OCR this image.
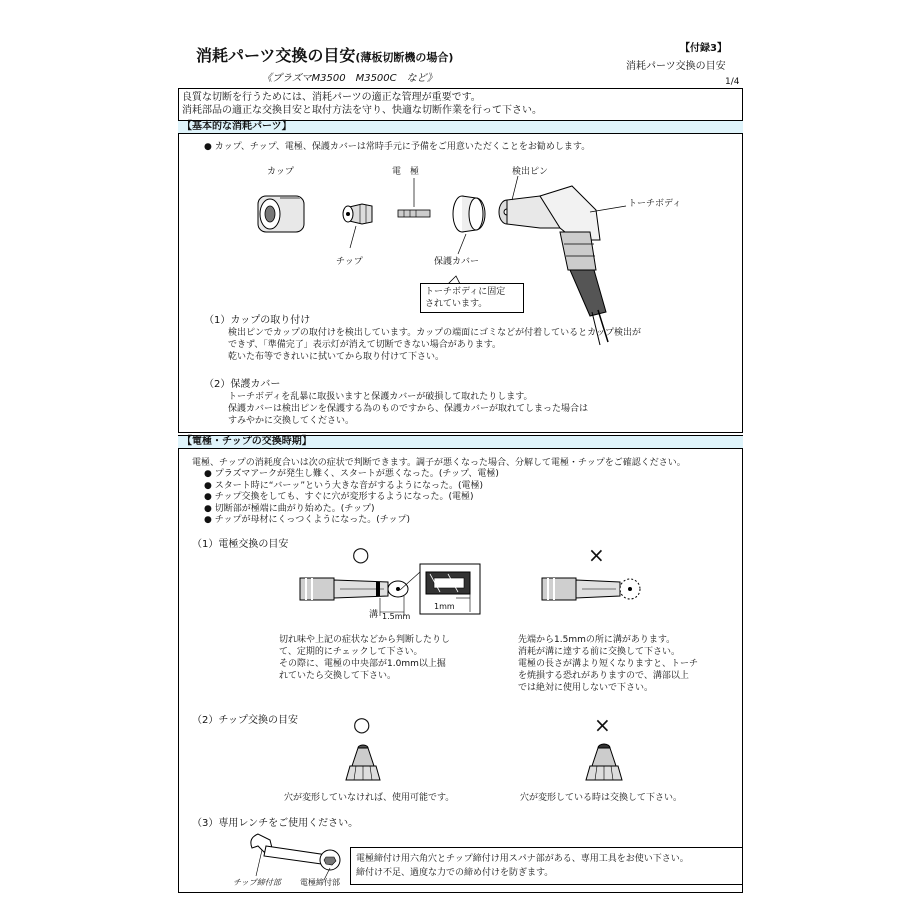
消耗パーツ交換の目安(薄板切断機の場合)
《プラズマM3500　M3500C　など》
【付録3】
消耗パーツ交換の目安
1/4
良質な切断を行うためには、消耗パーツの適正な管理が重要です。
消耗部品の適正な交換目安と取付方法を守り、快適な切断作業を行って下さい。
【基本的な消耗パーツ】
● カップ、チップ、電極、保護カバーは常時手元に予備をご用意いただくことをお勧めします。
カップ	電　極	検出ピン
トーチボディ
チップ	保護カバー
トーチボディに固定
されています。
（1）カップの取り付け
検出ピンでカップの取付けを検出しています。カップの端面にゴミなどが付着しているとカップ検出が
できず、「準備完了」表示灯が消えて切断できない場合があります。
乾いた布等できれいに拭いてから取り付けて下さい。
（2）保護カバー
トーチボディを乱暴に取扱いますと保護カバーが破損して取れたりします。
保護カバーは検出ピンを保護する為のものですから、保護カバーが取れてしまった場合は
すみやかに交換してください。
【電極・チップの交換時期】
電極、チップの消耗度合いは次の症状で判断できます。調子が悪くなった場合、分解して電極・チップをご確認ください。
● プラズマアークが発生し難く、スタートが悪くなった。(チップ、電極)
● スタート時に“バーッ”という大きな音がするようになった。(電極)
● チップ交換をしても、すぐに穴が変形するようになった。(電極)
● 切断部が極端に曲がり始めた。(チップ)
● チップが母材にくっつくようになった。(チップ)
（1）電極交換の目安	○	×
溝 1.5mm
1mm
切れ味や上記の症状などから判断したりし
て、定期的にチェックして下さい。
その際に、電極の中央部が1.0mm以上掘
れていたら交換して下さい。
先端から1.5mmの所に溝があります。
消耗が溝に達する前に交換して下さい。
電極の長さが溝より短くなりますと、トーチ
を焼損する恐れがありますので、溝部以上
では絶対に使用しないで下さい。
（2）チップ交換の目安	○	×
穴が変形していなければ、使用可能です。	穴が変形している時は交換して下さい。
（3）専用レンチをご使用ください。
チップ締付部 電極締付部
電極締付け用六角穴とチップ締付け用スパナ部がある、専用工具をお使い下さい。
締付け不足、過度な力での締め付けを防ぎます。
